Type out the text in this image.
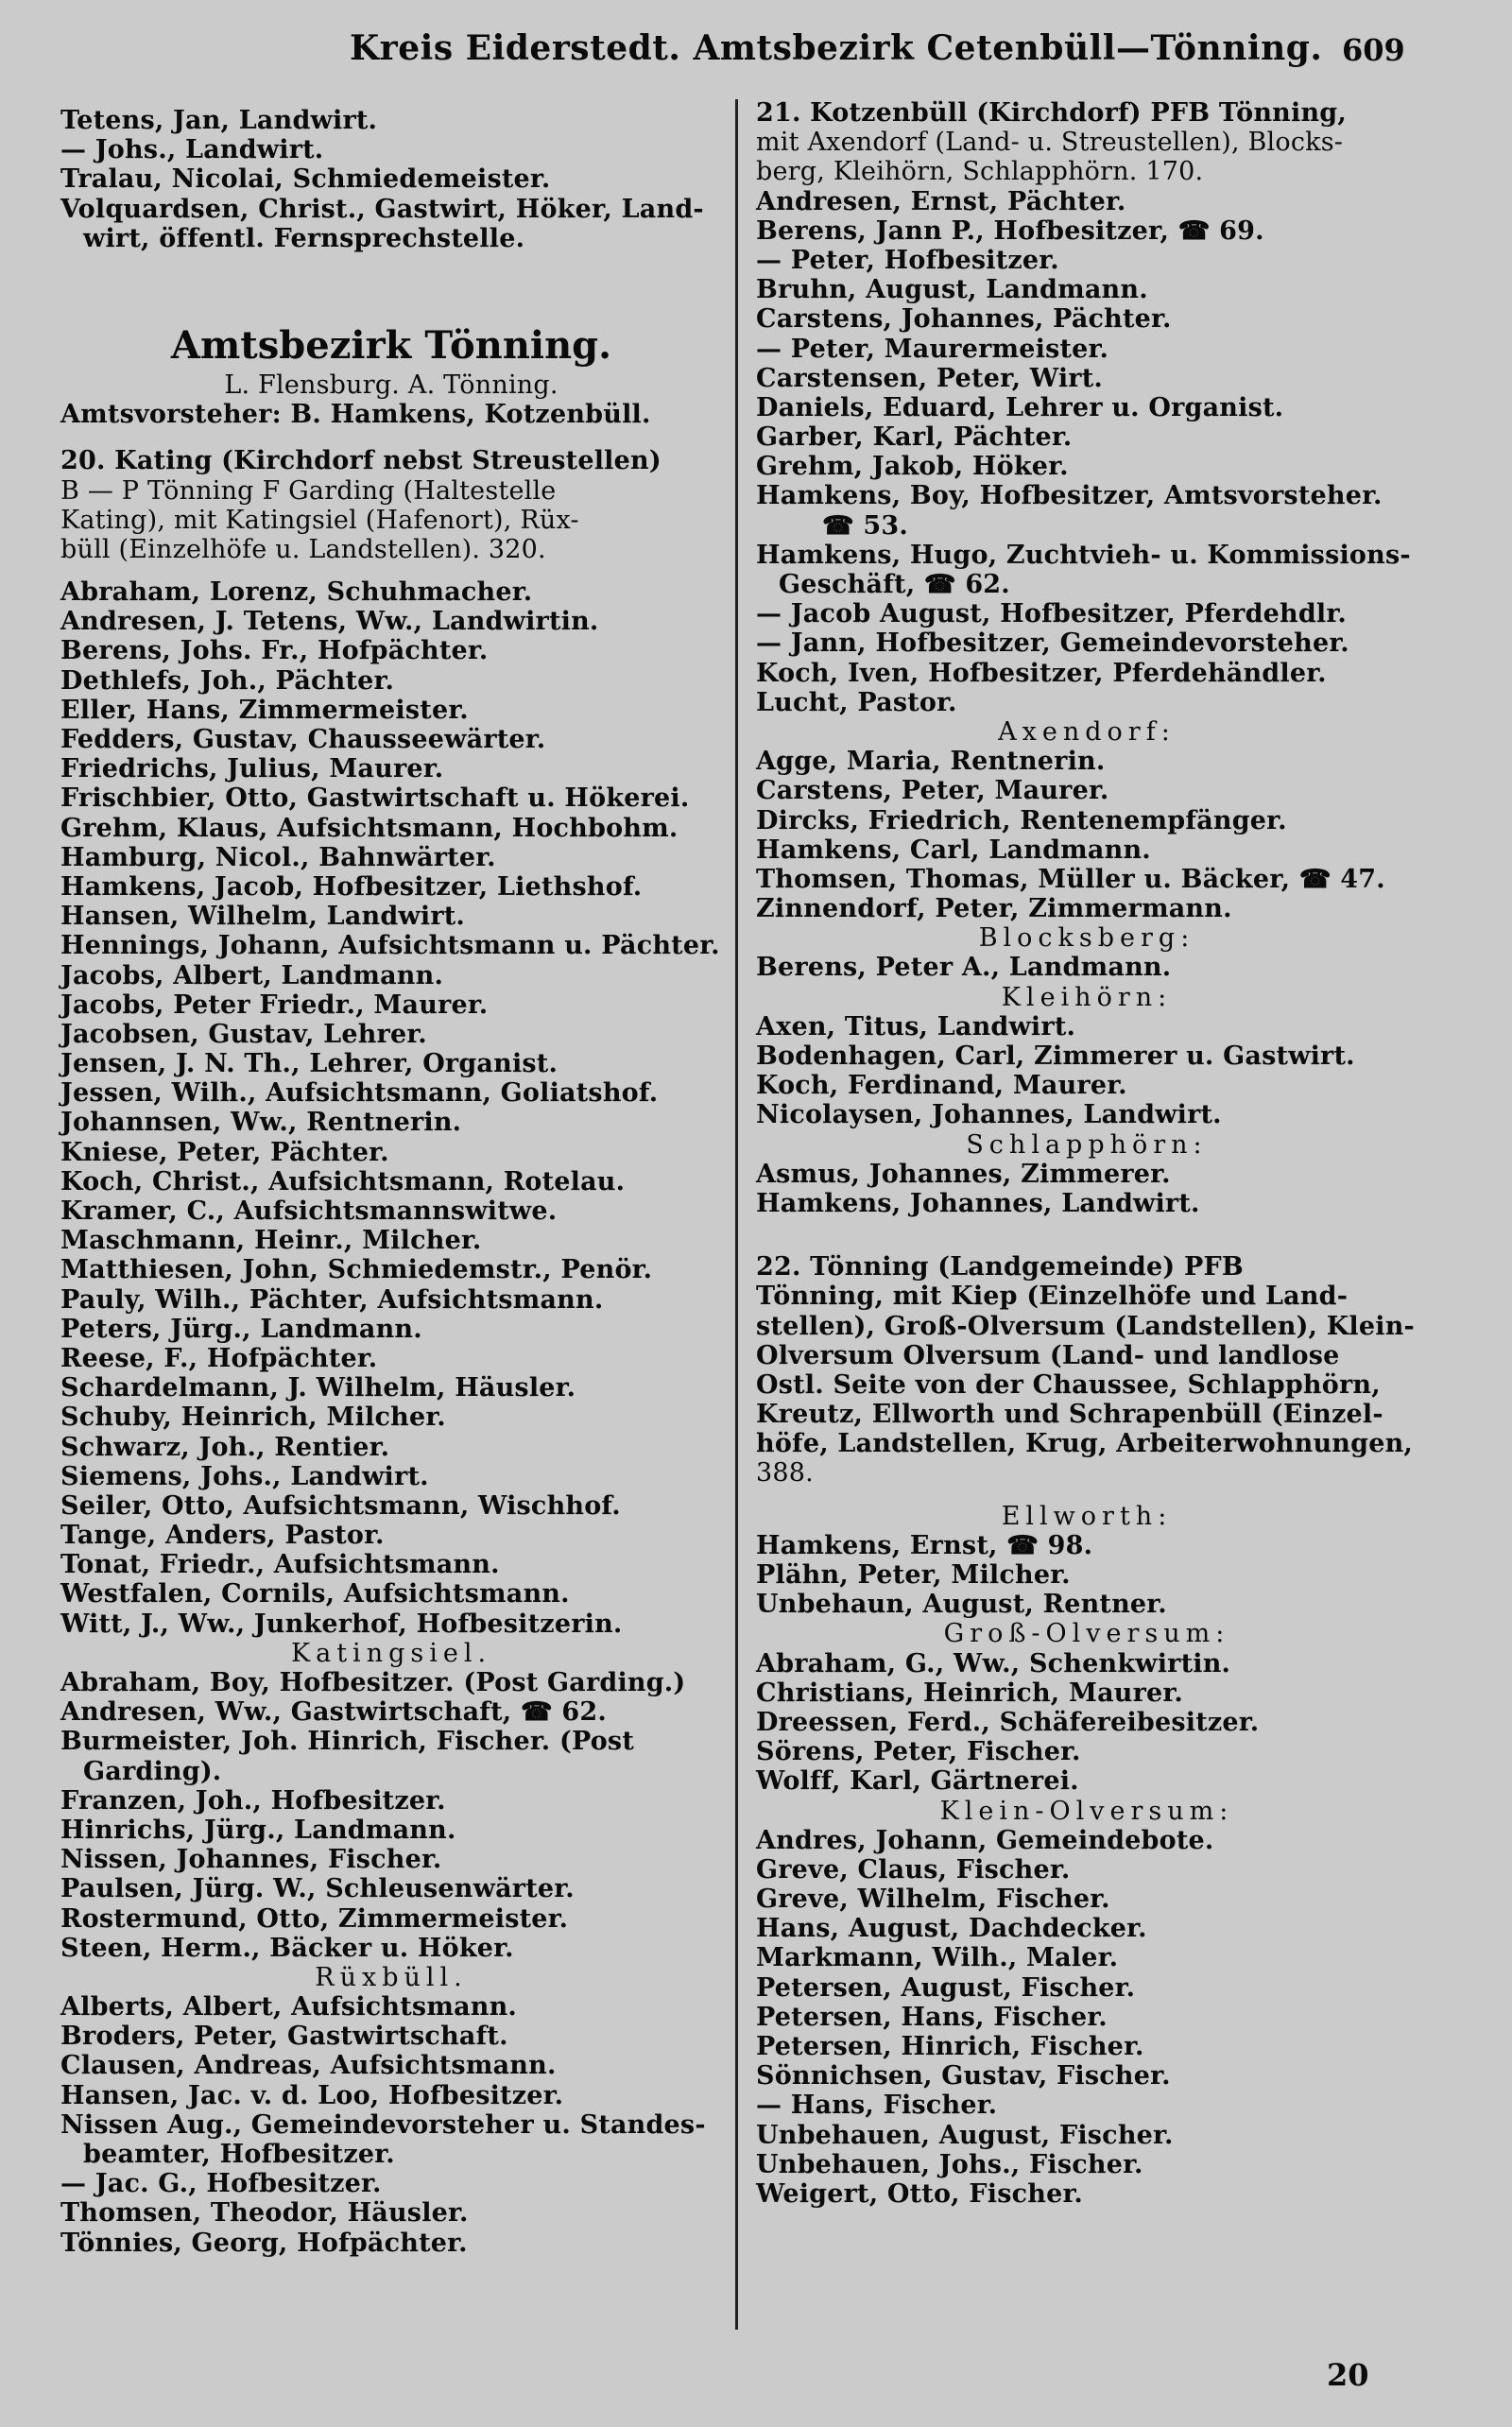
Kreis Eiderstedt. Amtsbezirk Cetenbüll—Tönning. 609
Tetens, Jan, Landwirt.
— Johs., Landwirt.
Tralau, Nicolai, Schmiedemeister.
Volquardsen, Christ., Gastwirt, Höker, Land-
wirt, öffentl. Fernsprechstelle.
Amtsbezirk Tönning.
L. Flensburg. A. Tönning.
Amtsvorsteher: B. Hamkens, Kotzenbüll.
20. Kating (Kirchdorf nebst Streustellen)
B — P Tönning F Garding (Haltestelle
Kating), mit Katingsiel (Hafenort), Rüx-
büll (Einzelhöfe u. Landstellen). 320.
Abraham, Lorenz, Schuhmacher.
Andresen, J. Tetens, Ww., Landwirtin.
Berens, Johs. Fr., Hofpächter.
Dethlefs, Joh., Pächter.
Eller, Hans, Zimmermeister.
Fedders, Gustav, Chausseewärter.
Friedrichs, Julius, Maurer.
Frischbier, Otto, Gastwirtschaft u. Hökerei.
Grehm, Klaus, Aufsichtsmann, Hochbohm.
Hamburg, Nicol., Bahnwärter.
Hamkens, Jacob, Hofbesitzer, Liethshof.
Hansen, Wilhelm, Landwirt.
Hennings, Johann, Aufsichtsmann u. Pächter.
Jacobs, Albert, Landmann.
Jacobs, Peter Friedr., Maurer.
Jacobsen, Gustav, Lehrer.
Jensen, J. N. Th., Lehrer, Organist.
Jessen, Wilh., Aufsichtsmann, Goliatshof.
Johannsen, Ww., Rentnerin.
Kniese, Peter, Pächter.
Koch, Christ., Aufsichtsmann, Rotelau.
Kramer, C., Aufsichtsmannswitwe.
Maschmann, Heinr., Milcher.
Matthiesen, John, Schmiedemstr., Penör.
Pauly, Wilh., Pächter, Aufsichtsmann.
Peters, Jürg., Landmann.
Reese, F., Hofpächter.
Schardelmann, J. Wilhelm, Häusler.
Schuby, Heinrich, Milcher.
Schwarz, Joh., Rentier.
Siemens, Johs., Landwirt.
Seiler, Otto, Aufsichtsmann, Wischhof.
Tange, Anders, Pastor.
Tonat, Friedr., Aufsichtsmann.
Westfalen, Cornils, Aufsichtsmann.
Witt, J., Ww., Junkerhof, Hofbesitzerin.
Katingsiel.
Abraham, Boy, Hofbesitzer. (Post Garding.)
Andresen, Ww., Gastwirtschaft, ☎ 62.
Burmeister, Joh. Hinrich, Fischer. (Post
Garding).
Franzen, Joh., Hofbesitzer.
Hinrichs, Jürg., Landmann.
Nissen, Johannes, Fischer.
Paulsen, Jürg. W., Schleusenwärter.
Rostermund, Otto, Zimmermeister.
Steen, Herm., Bäcker u. Höker.
Rüxbüll.
Alberts, Albert, Aufsichtsmann.
Broders, Peter, Gastwirtschaft.
Clausen, Andreas, Aufsichtsmann.
Hansen, Jac. v. d. Loo, Hofbesitzer.
Nissen Aug., Gemeindevorsteher u. Standes-
beamter, Hofbesitzer.
— Jac. G., Hofbesitzer.
Thomsen, Theodor, Häusler.
Tönnies, Georg, Hofpächter.
21. Kotzenbüll (Kirchdorf) PFB Tönning,
mit Axendorf (Land- u. Streustellen), Blocks-
berg, Kleihörn, Schlapphörn. 170.
Andresen, Ernst, Pächter.
Berens, Jann P., Hofbesitzer, ☎ 69.
— Peter, Hofbesitzer.
Bruhn, August, Landmann.
Carstens, Johannes, Pächter.
— Peter, Maurermeister.
Carstensen, Peter, Wirt.
Daniels, Eduard, Lehrer u. Organist.
Garber, Karl, Pächter.
Grehm, Jakob, Höker.
Hamkens, Boy, Hofbesitzer, Amtsvorsteher.
☎ 53.
Hamkens, Hugo, Zuchtvieh- u. Kommissions-
Geschäft, ☎ 62.
— Jacob August, Hofbesitzer, Pferdehdlr.
— Jann, Hofbesitzer, Gemeindevorsteher.
Koch, Iven, Hofbesitzer, Pferdehändler.
Lucht, Pastor.
Axendorf:
Agge, Maria, Rentnerin.
Carstens, Peter, Maurer.
Dircks, Friedrich, Rentenempfänger.
Hamkens, Carl, Landmann.
Thomsen, Thomas, Müller u. Bäcker, ☎ 47.
Zinnendorf, Peter, Zimmermann.
Blocksberg:
Berens, Peter A., Landmann.
Kleihörn:
Axen, Titus, Landwirt.
Bodenhagen, Carl, Zimmerer u. Gastwirt.
Koch, Ferdinand, Maurer.
Nicolaysen, Johannes, Landwirt.
Schlapphörn:
Asmus, Johannes, Zimmerer.
Hamkens, Johannes, Landwirt.
22. Tönning (Landgemeinde) PFB
Tönning, mit Kiep (Einzelhöfe und Land-
stellen), Groß-Olversum (Landstellen), Klein-
Olversum Olversum (Land- und landlose
Ostl. Seite von der Chaussee, Schlapphörn,
Kreutz, Ellworth und Schrapenbüll (Einzel-
höfe, Landstellen, Krug, Arbeiterwohnungen,
388.
Ellworth:
Hamkens, Ernst, ☎ 98.
Plähn, Peter, Milcher.
Unbehaun, August, Rentner.
Groß-Olversum:
Abraham, G., Ww., Schenkwirtin.
Christians, Heinrich, Maurer.
Dreessen, Ferd., Schäfereibesitzer.
Sörens, Peter, Fischer.
Wolff, Karl, Gärtnerei.
Klein-Olversum:
Andres, Johann, Gemeindebote.
Greve, Claus, Fischer.
Greve, Wilhelm, Fischer.
Hans, August, Dachdecker.
Markmann, Wilh., Maler.
Petersen, August, Fischer.
Petersen, Hans, Fischer.
Petersen, Hinrich, Fischer.
Sönnichsen, Gustav, Fischer.
— Hans, Fischer.
Unbehauen, August, Fischer.
Unbehauen, Johs., Fischer.
Weigert, Otto, Fischer.
20
